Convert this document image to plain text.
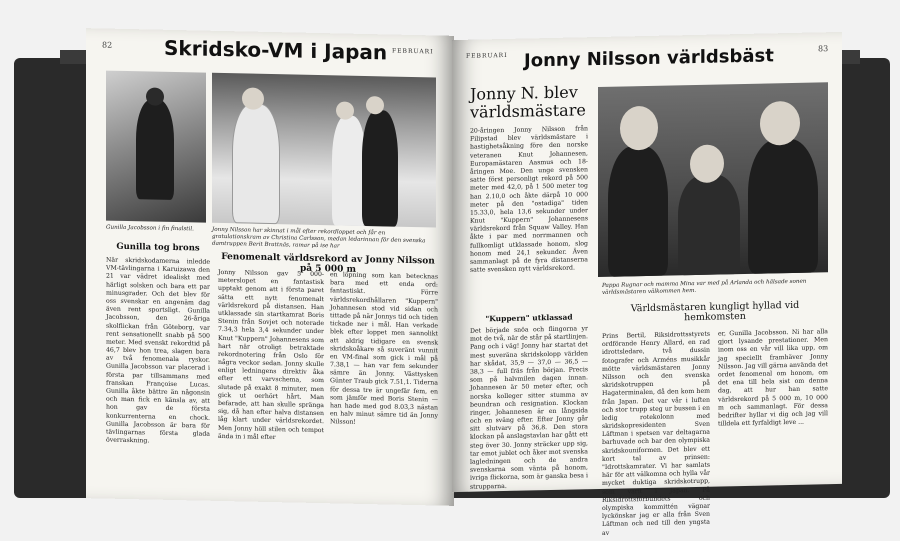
82
FEBRUARI
Skridsko-VM i Japan
Gunilla Jacobsson i fin finalstil.	Jonny Nilsson har skinnat i mål efter rekordloppet och får en gratulationskram av Christina Carlsson, medan ledarinnan för den svenska damtruppen Berit Brattnäs, ramar på ise har
Gunilla tog brons
När skridskodamerna inledde VM-tävlingarna i Karuizawa den 21 var vädret idealiskt med härligt solsken och bara ett par minusgrader. Och det blev för oss svenskar en angenäm dag även rent sportsligt. Gunilla Jacobsson, den 26-åriga skolflickan från Göteborg, var rent sensationellt snabb på 500 meter. Med svenskt rekordtid på 46,7 blev hon trea, slagen bara av två fenomenala ryskor. Gunilla Jacobsson var placerad i första par tillsammans med franskan Françoise Lucas. Gunilla åkte bättre än någonsin och man fick en känsla av, att hon gav de första konkurrenterna en chock. Gunilla Jacobsson är bara för tävlingarnas första glada överraskning.
Fenomenalt världsrekord av Jonny Nilsson på 5 000 m
Jonny Nilsson gav 5 000-meterslopet en fantastisk upptakt genom att i första paret sätta ett nytt fenomenalt världsrekord på distansen. Han utklassade sin startkamrat Boris Stenin från Sovjet och noterade 7.34,3 hela 3,4 sekunder under Knut "Kuppern" Johannesens som hart när otroligt betraktade rekordnotering från Oslo för några veckor sedan. Jonny skulle enligt ledningens direktiv åka efter ett varvschema, som slutade på exakt 8 minuter, men gick ut oerhört hårt. Man befarade, att han skulle spränga sig, då han efter halva distansen låg klart under världsrekordet. Men Jonny höll stilen och tempot ända in i mål efter
en löpning som kan betecknas bara med ett enda ord: fantastiskt. Förre världsrekordhållaren "Kuppern" Johannesen stod vid sidan och tittade på när Jonnys tid och tiden tickade ner i mål. Han verkade blek efter loppet men sannolikt att aldrig tidigare en svensk skridskoåkare så suveränt vunnit en VM-final som gick i mål på 7.38,1 — han var fem sekunder sämre än Jonny. Västtysken Günter Traub gick 7.51,1. Tiderna för dessa tre är ungefär fem, en som jämför med Boris Stenin — han hade med god 8.03,3 nästan en halv minut sämre tid än Jonny Nilsson!
FEBRUARI
83
Jonny Nilsson världsbäst
Jonny N. blev världsmästare
20-åringen Jonny Nilsson från Filipstad blev världsmästare i hastighetsåkning före den norske veteranen Knut Johannesen, Europamästaren Aasmus och 18-åringen Moe. Den unge svensken satte först personligt rekord på 500 meter med 42,0, på 1 500 meter tog han 2.10,0 och åkte därpå 10 000 meter på den "ostadiga" tiden 15.33,0, hela 13,6 sekunder under Knut "Kuppern" Johannesens världsrekord från Squaw Valley. Han åkte i par med norrmannen och fullkomligt utklassade honom, slog honom med 24,1 sekunder. Även sammanlagt på de fyra distanserna satte svensken nytt världsrekord.
Pappa Rugnar och mamma Mina var med på Arlanda och hälsade sonen världsmästaren välkommen hem.
"Kuppern" utklassad
Det började snöa och flingorna yr mot de två, när de står på startlinjen. Pang och i väg! Jonny har startat det mest suveräna skridskolopp världen har skådat, 35,9 — 37,0 — 36,5 — 38,3 — full fräs från början. Precis som på halvmilen dagen innan. Johannesen är 50 meter efter, och norska kolleger sitter stumma av beundran och resignation. Klockan ringer, Johannesen är en långsida och en sväng efter. Efter Jonny går sitt slutvarv på 36,8. Den stora klockan på anslagstavlan har gått ett steg över 30. Jonny sträcker upp sig, tar emot jublet och åker mot svenska lagledningen och de andra svenskarna som vänta på honom, ivriga flickorna, som är ganska besa i strupparna.
Världsmästaren kungligt hyllad vid hemkomsten
Prins Bertil, Riksidrottsstyrets ordförande Henry Allard, en rad idrottsledare, två dussin fotografer och Arméns musikkår mötte världsmästaren Jonny Nilsson och den svenska skridskotruppen på Hagaterminalen, då den kom hem från Japan. Det var vår i luften och stor trupp steg ur bussen i en ledig rotekolonn med skridskopresidenten Sven Läftman i spetsen var deltagarna barhuvade och bar den olympiska skridskouniformen. Det blev ett kort tal av prinsen: "Idrottskamrater. Vi har samlats här för att välkomna och hylla vår mycket duktiga skridskotrupp, som varit i Japan. På Riksidrottsförbundets och olympiska kommittén vägnar lyckönskar jag er alla från Sven Läftman och ned till den yngsta av
er, Gunilla Jacobsson. Ni har alla gjort lysande prestationer. Men inom oss en vår vill lika upp, om jag speciellt framhäver Jonny Nilsson. Jag vill gärna använda det ordet fenomenal om honom, om det ena till hela sist om denna dag, att hur han satte världsrekord på 5 000 m, 10 000 m och sammanlagt. För dessa bedrifter hyllar vi dig och jag vill tilldela ett fyrfaldigt leve ...
